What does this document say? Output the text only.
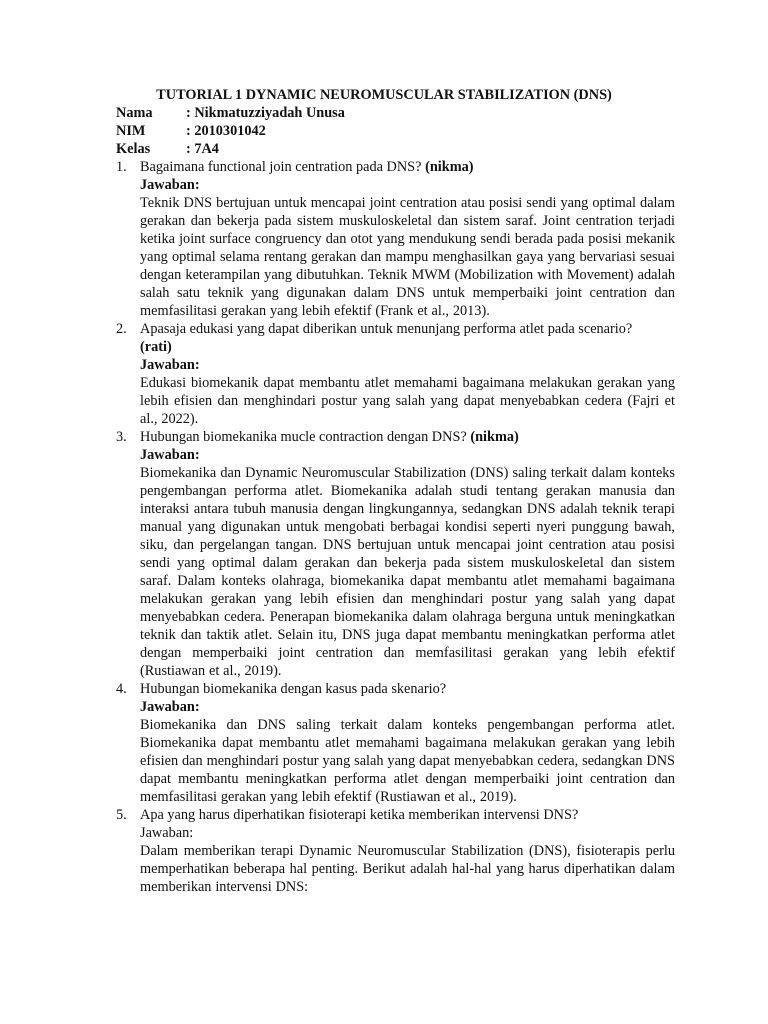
TUTORIAL 1 DYNAMIC NEUROMUSCULAR STABILIZATION (DNS)
Nama	: Nikmatuzziyadah Unusa
NIM	: 2010301042
Kelas	: 7A4
1. Bagaimana functional join centration pada DNS? (nikma)
Jawaban:
Teknik DNS bertujuan untuk mencapai joint centration atau posisi sendi yang optimal dalam gerakan dan bekerja pada sistem muskuloskeletal dan sistem saraf. Joint centration terjadi ketika joint surface congruency dan otot yang mendukung sendi berada pada posisi mekanik yang optimal selama rentang gerakan dan mampu menghasilkan gaya yang bervariasi sesuai dengan keterampilan yang dibutuhkan. Teknik MWM (Mobilization with Movement) adalah salah satu teknik yang digunakan dalam DNS untuk memperbaiki joint centration dan memfasilitasi gerakan yang lebih efektif (Frank et al., 2013).
2. Apasaja edukasi yang dapat diberikan untuk menunjang performa atlet pada scenario?
(rati)
Jawaban:
Edukasi biomekanik dapat membantu atlet memahami bagaimana melakukan gerakan yang lebih efisien dan menghindari postur yang salah yang dapat menyebabkan cedera (Fajri et al., 2022).
3. Hubungan biomekanika mucle contraction dengan DNS? (nikma)
Jawaban:
Biomekanika dan Dynamic Neuromuscular Stabilization (DNS) saling terkait dalam konteks pengembangan performa atlet. Biomekanika adalah studi tentang gerakan manusia dan interaksi antara tubuh manusia dengan lingkungannya, sedangkan DNS adalah teknik terapi manual yang digunakan untuk mengobati berbagai kondisi seperti nyeri punggung bawah, siku, dan pergelangan tangan. DNS bertujuan untuk mencapai joint centration atau posisi sendi yang optimal dalam gerakan dan bekerja pada sistem muskuloskeletal dan sistem saraf. Dalam konteks olahraga, biomekanika dapat membantu atlet memahami bagaimana melakukan gerakan yang lebih efisien dan menghindari postur yang salah yang dapat menyebabkan cedera. Penerapan biomekanika dalam olahraga berguna untuk meningkatkan teknik dan taktik atlet. Selain itu, DNS juga dapat membantu meningkatkan performa atlet dengan memperbaiki joint centration dan memfasilitasi gerakan yang lebih efektif (Rustiawan et al., 2019).
4. Hubungan biomekanika dengan kasus pada skenario?
Jawaban:
Biomekanika dan DNS saling terkait dalam konteks pengembangan performa atlet. Biomekanika dapat membantu atlet memahami bagaimana melakukan gerakan yang lebih efisien dan menghindari postur yang salah yang dapat menyebabkan cedera, sedangkan DNS dapat membantu meningkatkan performa atlet dengan memperbaiki joint centration dan memfasilitasi gerakan yang lebih efektif (Rustiawan et al., 2019).
5. Apa yang harus diperhatikan fisioterapi ketika memberikan intervensi DNS?
Jawaban:
Dalam memberikan terapi Dynamic Neuromuscular Stabilization (DNS), fisioterapis perlu memperhatikan beberapa hal penting. Berikut adalah hal-hal yang harus diperhatikan dalam memberikan intervensi DNS:
